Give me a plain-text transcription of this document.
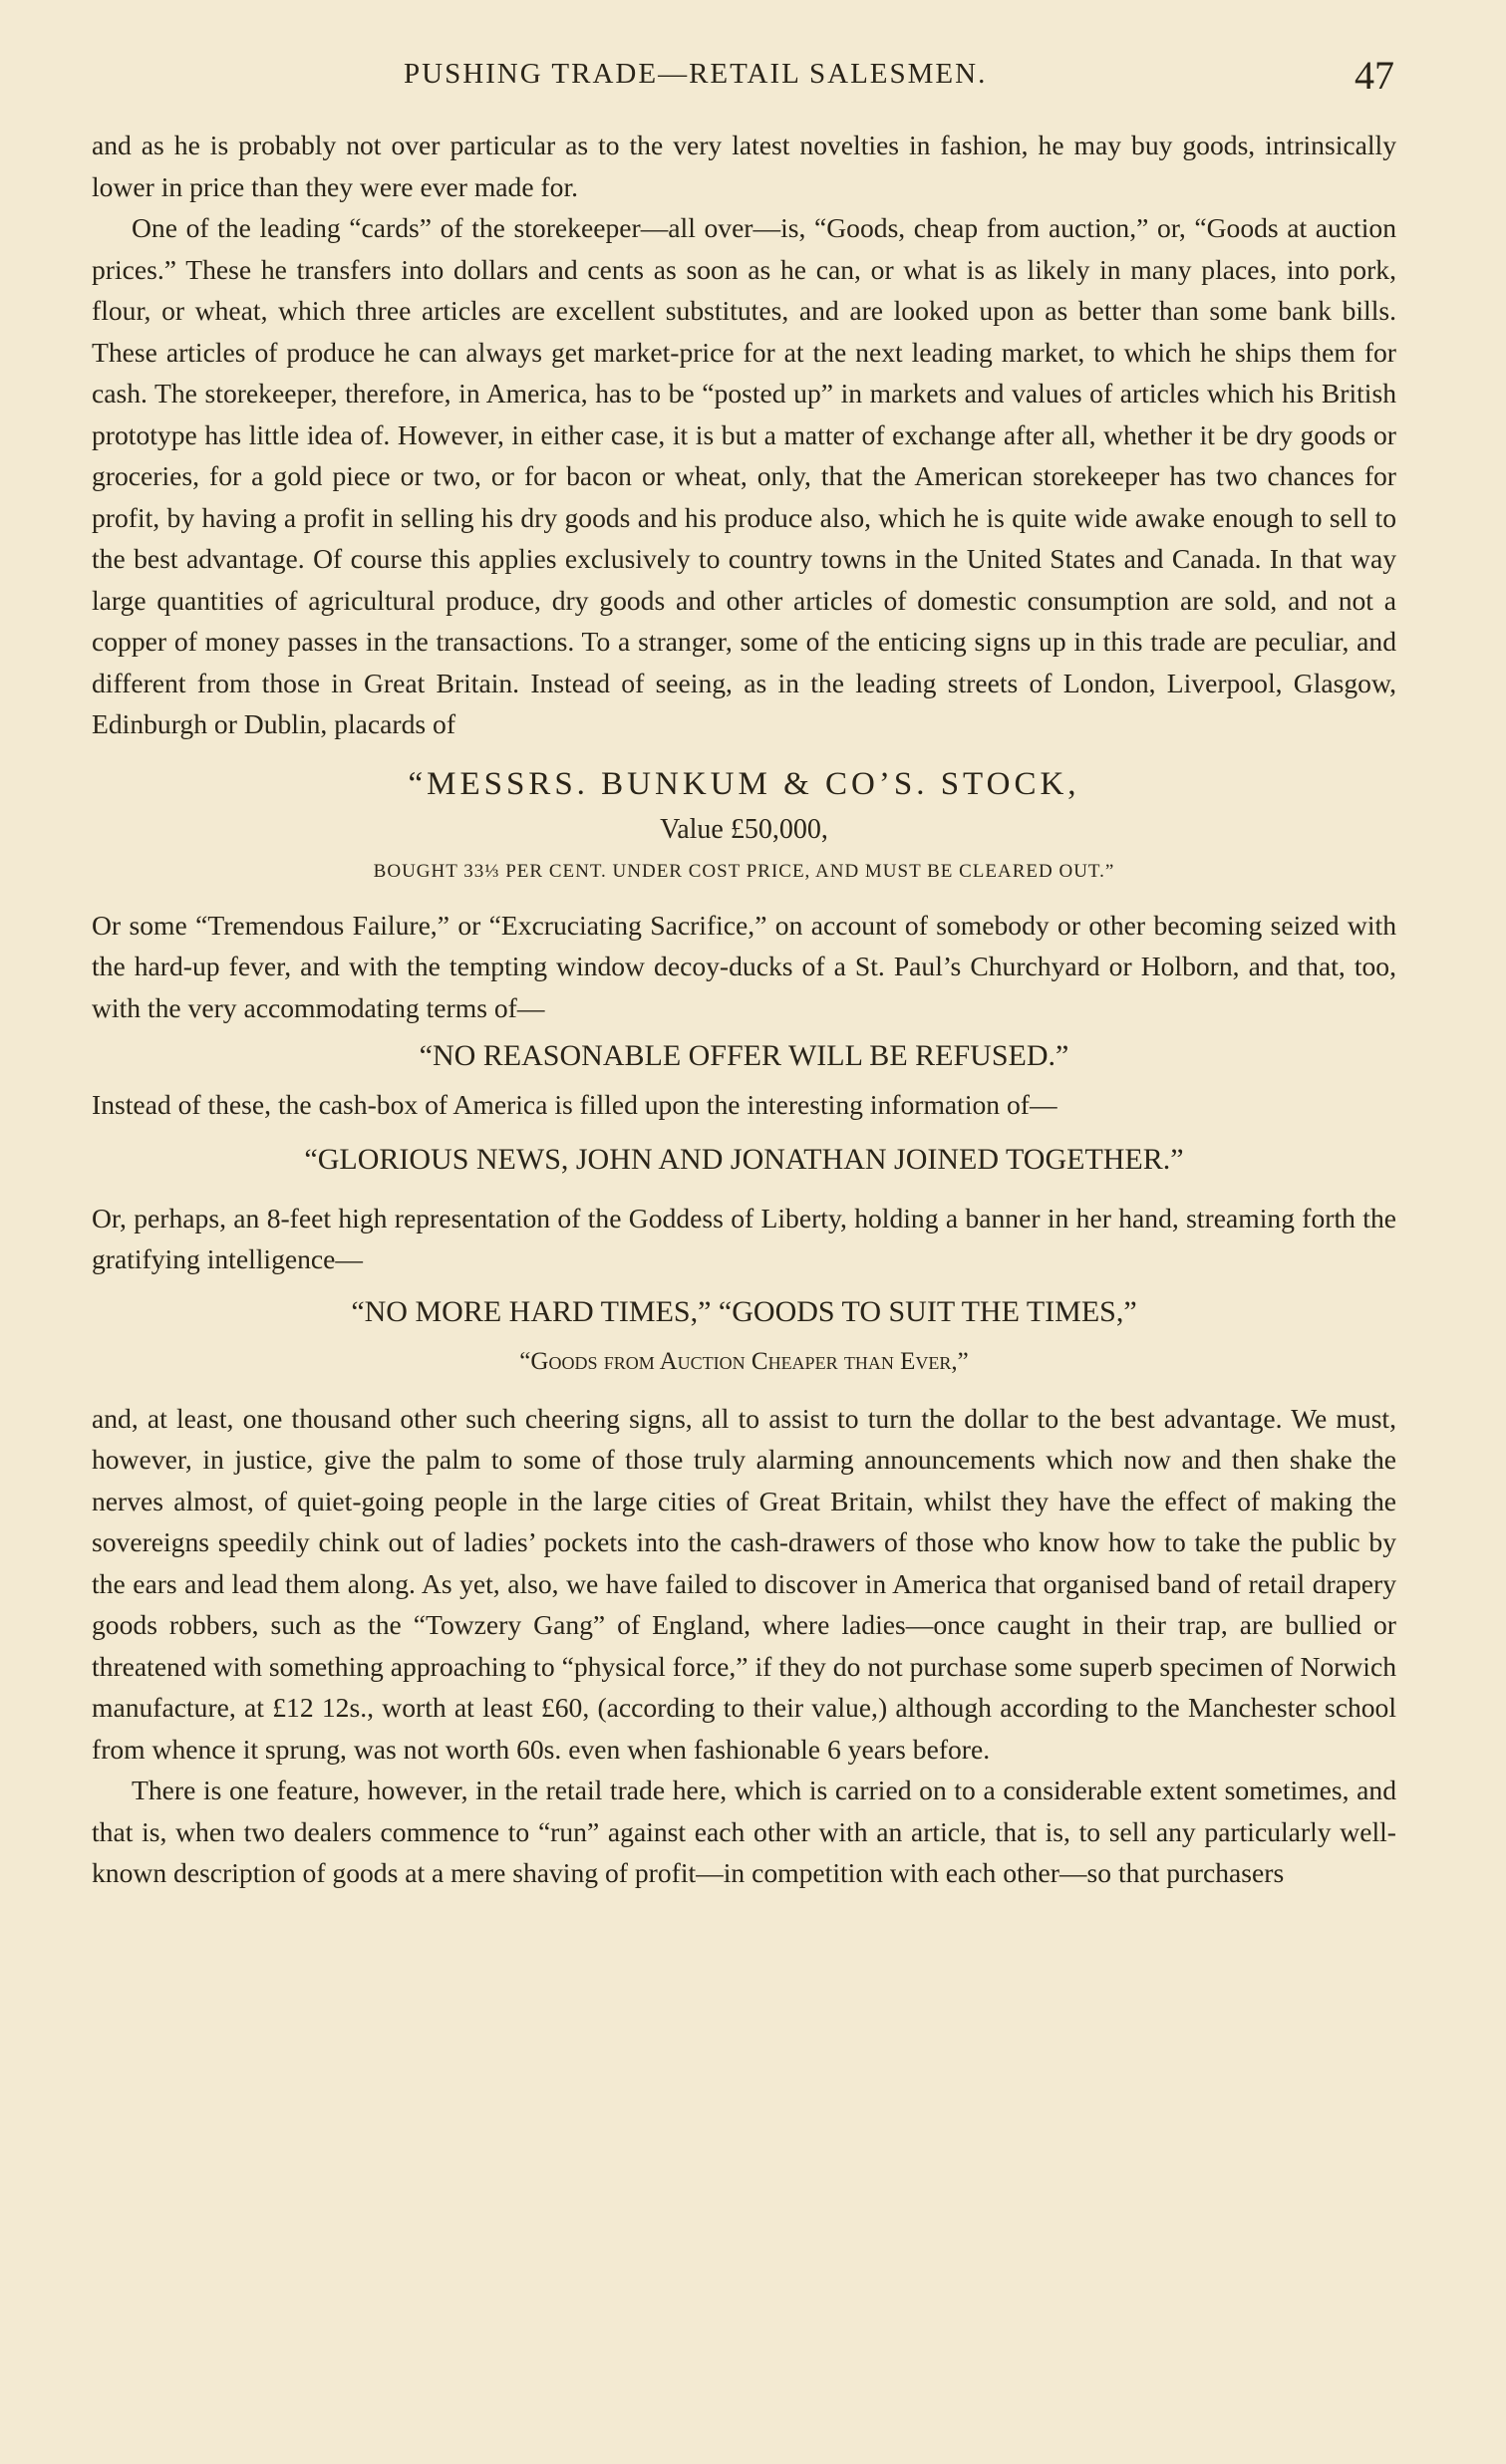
PUSHING TRADE—RETAIL SALESMEN.	47

and as he is probably not over particular as to the very latest novelties in fashion, he may buy goods, intrinsically lower in price than they were ever made for.

One of the leading “cards” of the storekeeper—all over—is, “Goods, cheap from auction,” or, “Goods at auction prices.” These he transfers into dollars and cents as soon as he can, or what is as likely in many places, into pork, flour, or wheat, which three articles are excellent substitutes, and are looked upon as better than some bank bills. These articles of produce he can always get market-price for at the next leading market, to which he ships them for cash. The storekeeper, therefore, in America, has to be “posted up” in markets and values of articles which his British prototype has little idea of. However, in either case, it is but a matter of exchange after all, whether it be dry goods or groceries, for a gold piece or two, or for bacon or wheat, only, that the American storekeeper has two chances for profit, by having a profit in selling his dry goods and his produce also, which he is quite wide awake enough to sell to the best advantage. Of course this applies exclusively to country towns in the United States and Canada. In that way large quantities of agricultural produce, dry goods and other articles of domestic consumption are sold, and not a copper of money passes in the transactions. To a stranger, some of the enticing signs up in this trade are peculiar, and different from those in Great Britain. Instead of seeing, as in the leading streets of London, Liverpool, Glasgow, Edinburgh or Dublin, placards of

“MESSRS. BUNKUM & CO’S. STOCK,
Value £50,000,
BOUGHT 33⅓ PER CENT. UNDER COST PRICE, AND MUST BE CLEARED OUT.”

Or some “Tremendous Failure,” or “Excruciating Sacrifice,” on account of somebody or other becoming seized with the hard-up fever, and with the tempting window decoy-ducks of a St. Paul’s Churchyard or Holborn, and that, too, with the very accommodating terms of—

“NO REASONABLE OFFER WILL BE REFUSED.”

Instead of these, the cash-box of America is filled upon the interesting information of—

“GLORIOUS NEWS, JOHN AND JONATHAN JOINED TOGETHER.”

Or, perhaps, an 8-feet high representation of the Goddess of Liberty, holding a banner in her hand, streaming forth the gratifying intelligence—

“NO MORE HARD TIMES,” “GOODS TO SUIT THE TIMES,”
“Goods from Auction Cheaper than Ever,”

and, at least, one thousand other such cheering signs, all to assist to turn the dollar to the best advantage. We must, however, in justice, give the palm to some of those truly alarming announcements which now and then shake the nerves almost, of quiet-going people in the large cities of Great Britain, whilst they have the effect of making the sovereigns speedily chink out of ladies’ pockets into the cash-drawers of those who know how to take the public by the ears and lead them along. As yet, also, we have failed to discover in America that organised band of retail drapery goods robbers, such as the “Towzery Gang” of England, where ladies—once caught in their trap, are bullied or threatened with something approaching to “physical force,” if they do not purchase some superb specimen of Norwich manufacture, at £12 12s., worth at least £60, (according to their value,) although according to the Manchester school from whence it sprung, was not worth 60s. even when fashionable 6 years before.

There is one feature, however, in the retail trade here, which is carried on to a considerable extent sometimes, and that is, when two dealers commence to “run” against each other with an article, that is, to sell any particularly well-known description of goods at a mere shaving of profit—in competition with each other—so that purchasers
